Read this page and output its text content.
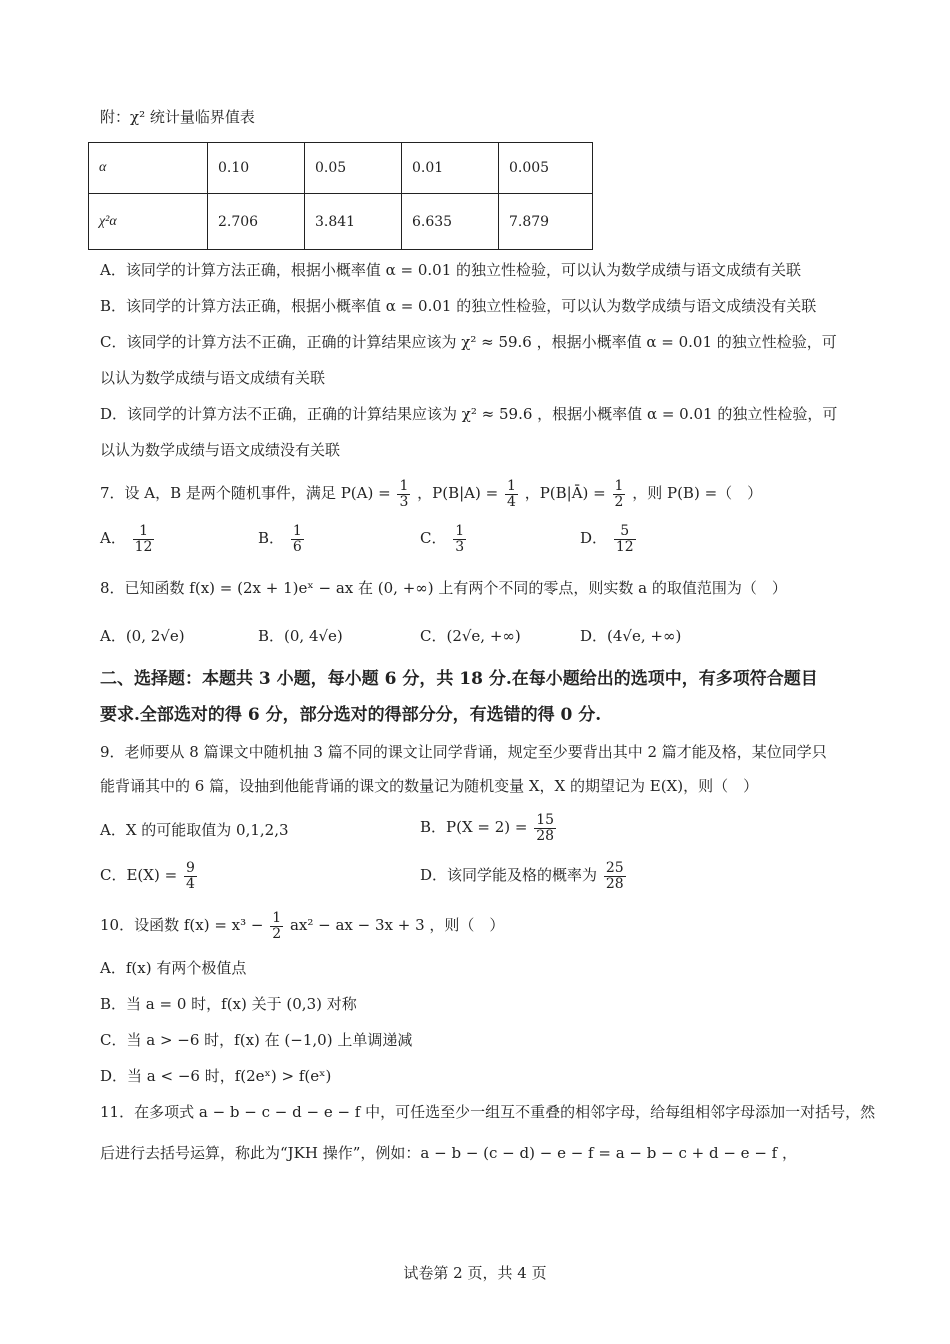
附：χ² 统计量临界值表
α	0.10	0.05	0.01	0.005
χ²α	2.706	3.841	6.635	7.879
A．该同学的计算方法正确，根据小概率值 α = 0.01 的独立性检验，可以认为数学成绩与语文成绩有关联
B．该同学的计算方法正确，根据小概率值 α = 0.01 的独立性检验，可以认为数学成绩与语文成绩没有关联
C．该同学的计算方法不正确，正确的计算结果应该为 χ² ≈ 59.6 ，根据小概率值 α = 0.01 的独立性检验，可
以认为数学成绩与语文成绩有关联
D．该同学的计算方法不正确，正确的计算结果应该为 χ² ≈ 59.6 ，根据小概率值 α = 0.01 的独立性检验，可
以认为数学成绩与语文成绩没有关联
7．设 A，B 是两个随机事件，满足 $P(A) = \frac{1}{3}$ ，$P(B|A) = \frac{1}{4}$ ，P(B|Ā) = $\frac{1}{2}$ ，则 P(B) =（　）
A． $\frac{1}{12}$	B． $\frac{1}{6}$	C． $\frac{1}{3}$	D． $\frac{5}{12}$
8．已知函数 f(x) = (2x + 1)eˣ − ax 在 (0, +∞) 上有两个不同的零点，则实数 a 的取值范围为（　）
A．(0, 2√e)	B．(0, 4√e)	C．(2√e, +∞)	D．(4√e, +∞)
二、选择题：本题共 3 小题，每小题 6 分，共 18 分.在每小题给出的选项中，有多项符合题目
要求.全部选对的得 6 分，部分选对的得部分分，有选错的得 0 分.
9．老师要从 8 篇课文中随机抽 3 篇不同的课文让同学背诵，规定至少要背出其中 2 篇才能及格，某位同学只
能背诵其中的 6 篇，设抽到他能背诵的课文的数量记为随机变量 X，X 的期望记为 E(X)，则（　）
A．X 的可能取值为 0,1,2,3	B．$P(X = 2) = \frac{15}{28}$
C．$E(X) = \frac{9}{4}$	D．该同学能及格的概率为 $\frac{25}{28}$
10．设函数 $f(x) = x^3 - \frac{1}{2} ax^2$ − ax − 3x + 3 ，则（　）
A．f(x) 有两个极值点
B．当 a = 0 时，f(x) 关于 (0,3) 对称
C．当 a > −6 时，f(x) 在 (−1,0) 上单调递减
D．当 a < −6 时，f(2eˣ) > f(eˣ)
11．在多项式 a − b − c − d − e − f 中，可任选至少一组互不重叠的相邻字母，给每组相邻字母添加一对括号，然
后进行去括号运算，称此为“JKH 操作”，例如：a − b − (c − d) − e − f = a − b − c + d − e − f ，
试卷第 2 页，共 4 页
